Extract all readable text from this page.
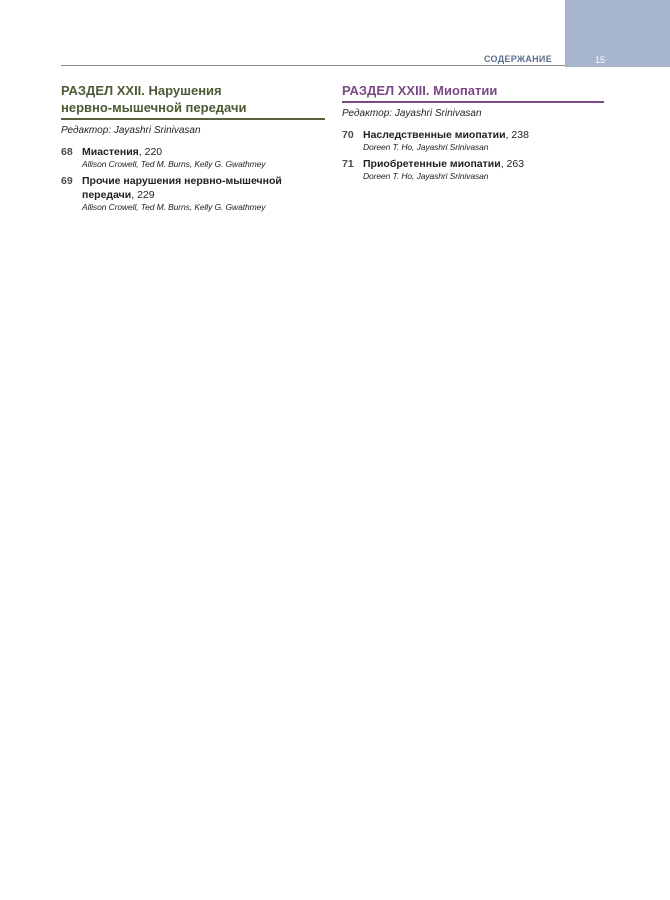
15
СОДЕРЖАНИЕ
РАЗДЕЛ XXII. Нарушения
нервно-мышечной передачи
Редактор: Jayashri Srinivasan
68 Миастения, 220
Allison Crowell, Ted M. Burns, Kelly G. Gwathmey
69 Прочие нарушения нервно-мышечной
передачи, 229
Allison Crowell, Ted M. Burns, Kelly G. Gwathmey
РАЗДЕЛ XXIII. Миопатии
Редактор: Jayashri Srinivasan
70 Наследственные миопатии, 238
Doreen T. Ho, Jayashri Srinivasan
71 Приобретенные миопатии, 263
Doreen T. Ho, Jayashri Srinivasan
